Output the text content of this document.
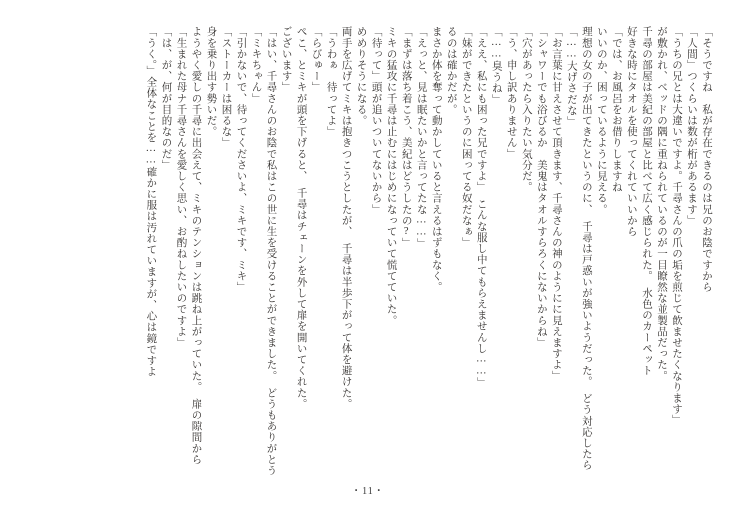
「うく。」全体なことを……確かに服は汚れていますが、心は鏡ですよ 「は、が、何が目的なのだ」 「生まれた母ナ千尋さんを愛しく思い、お酌ねしたいのですよ」 ようやく愛しの千尋に出会えて、ミキのテンションは跳ね上がっていた。　扉の隙間から 身を乗り出す勢いだ。 「ストーカーは困るな」 「引かないで、待ってくださいよ、ミキです、ミキ」 「ミキちゃん」 「はい、千尋さんのお陰で私はこの世に生を受けることができました。　どうもありがとう ございます」 ぺこ、とミキが頭を下げると、　千尋はチェーンを外して扉を開いてくれた。 「らびゅー」 「うわぁ　待ってよ」 両手を広げてミキは抱きつこうとしたが、　千尋は半歩下がって体を避けた。 めめりそうになる。 「待って」頭が追いついてないから」 ミキの猛攻に千尋は止むにはじめになっていて慌てていた。 「まずは落ち着こう、美紀はどうしたの?」 「えっと、見は眠たいかと言ってたな……」 まさか体を奪って動かしていると言えるはずもなく。 るのは確かだが。 「妹ができたというのに困ってる奴だなぁ」 「ええ、私にも困った兄ですよ」　こんな服し中てもらえませんし……」 「……臭うね」 「う、申し訳ありません」 「穴があったら入りたい気分だ。 「シャワーでも浴びるか　美鬼はタオルすらろくにないからね」 「お言葉に甘えさせて頂きます、千尋さんの神のようにに見えますよ」 「……大げさだな」 理想の女の子が出てきたというのに、　千尋は戸惑いが強いようだった。　どう対応したら いいのか、困っているように見える。 「では、お風呂をお借りしますね 好きな時にタオルを使ってくれていいから 千尋の部屋は美紀の部屋と比べて広く感じられた。　水色のカーペット が敷かれ、ベッドの隅に重ねられているのが一目瞭然な並製品だった。 「うちの兄とは大違いですよ。千尋さんの爪の垢を煎じて飲ませたくなります」 「人間」つくらいは数が桁があるます」 「そうですね　私が存在できるのは兄のお陰ですから
・11・
